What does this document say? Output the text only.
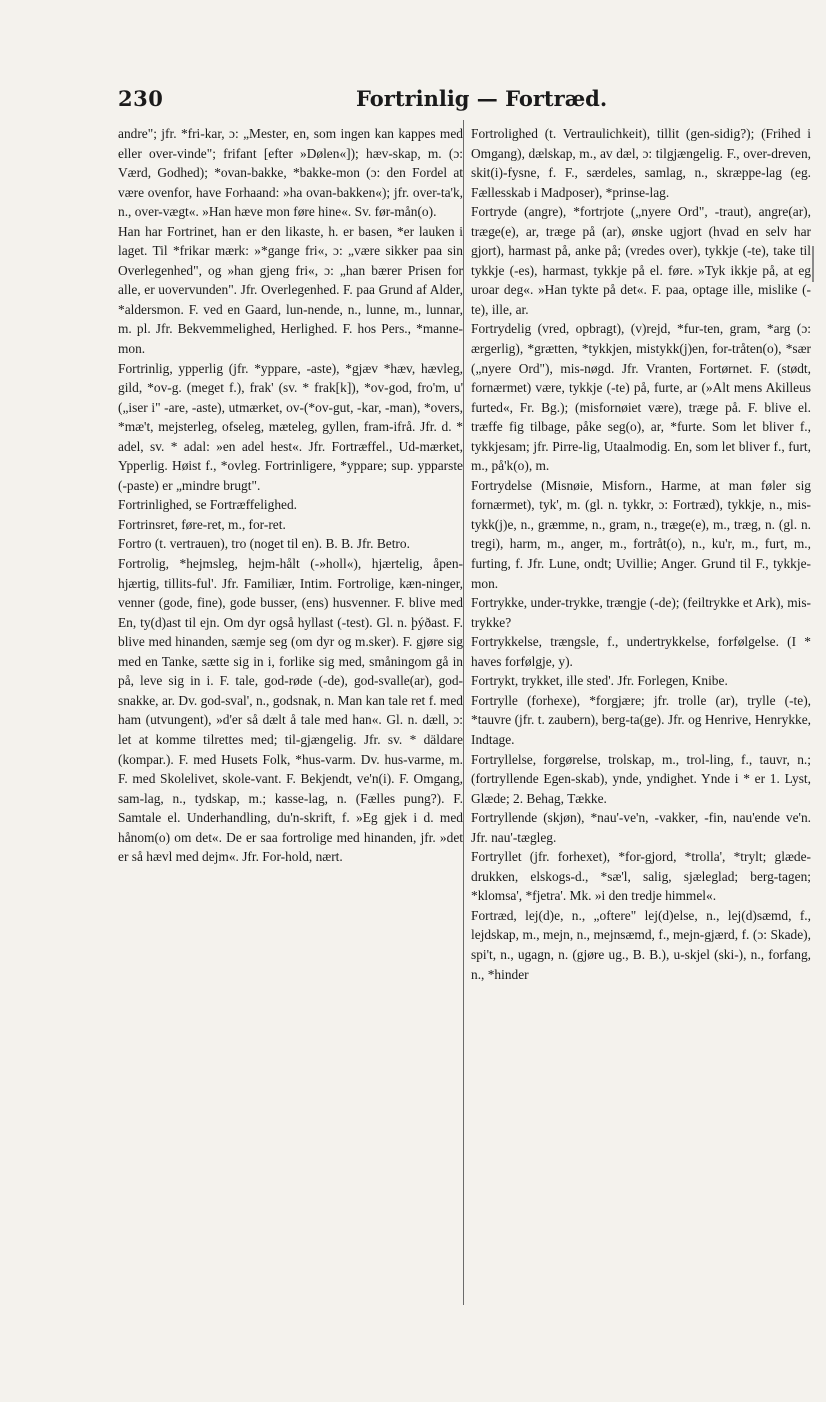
230	Fortrinlig — Fortræd.

andre"; jfr. *fri-kar, ɔ: „Mester, en, som ingen kan kappes med eller over-vinde"; frifant [efter »Dølen«]); hæv-skap, m. (ɔ: Værd, Godhed); *ovan-bakke, *bakke-mon (ɔ: den Fordel at være ovenfor, have Forhaand: »ha ovan-bakken«); jfr. over-ta'k, n., over-vægt«. »Han hæve mon føre hine«. Sv. før-mån(o).

Han har Fortrinet, han er den likaste, h. er basen, *er lauken i laget. Til *frikar mærk: »*gange fri«, ɔ: „være sikker paa sin Overlegenhed", og »han gjeng fri«, ɔ: „han bærer Prisen for alle, er uovervunden". Jfr. Overlegenhed. F. paa Grund af Alder, *aldersmon. F. ved en Gaard, lun-nende, n., lunne, m., lunnar, m. pl. Jfr. Bekvemmelighed, Herlighed. F. hos Pers., *manne-mon.

Fortrinlig, ypperlig (jfr. *yppare, -aste), *gjæv *hæv, hævleg, gild, *ov-g. (meget f.), frak' (sv. * frak[k]), *ov-god, fro'm, u' („iser i" -are, -aste), utmærket, ov-(*ov-gut, -kar, -man), *overs, *mæ't, mejsterleg, ofseleg, mæteleg, gyllen, fram-ifrå. Jfr. d. * adel, sv. * adal: »en adel hest«. Jfr. Fortræffel., Ud-mærket, Ypperlig. Høist f., *ovleg. Fortrinligere, *yppare; sup. ypparste (-paste) er „mindre brugt".

Fortrinlighed, se Fortræffelighed.

Fortrinsret, føre-ret, m., for-ret.

Fortro (t. vertrauen), tro (noget til en). B. B. Jfr. Betro.

Fortrolig, *hejmsleg, hejm-hålt (-»holl«), hjærtelig, åpen-hjærtig, tillits-ful'. Jfr. Familiær, Intim. Fortrolige, kæn-ninger, venner (gode, fine), gode busser, (ens) husvenner. F. blive med En, ty(d)ast til ejn. Om dyr også hyllast (-test). Gl. n. þýðast. F. blive med hinanden, sæmje seg (om dyr og m.sker). F. gjøre sig med en Tanke, sætte sig in i, forlike sig med, småningom gå in på, leve sig in i. F. tale, god-røde (-de), god-svalle(ar), god-snakke, ar. Dv. god-sval', n., godsnak, n. Man kan tale ret f. med ham (utvungent), »d'er så dælt å tale med han«. Gl. n. dæll, ɔ: let at komme tilrettes med; til-gjængelig. Jfr. sv. * däldare (kompar.). F. med Husets Folk, *hus-varm. Dv. hus-varme, m. F. med Skolelivet, skole-vant. F. Bekjendt, ve'n(i). F. Omgang, sam-lag, n., tydskap, m.; kasse-lag, n. (Fælles pung?). F. Samtale el. Underhandling, du'n-skrift, f. »Eg gjek i d. med hånom(o) om det«. De er saa fortrolige med hinanden, jfr. »det er så hævl med dejm«. Jfr. For-hold, nært.

Fortrolighed (t. Vertraulichkeit), tillit (gen-sidig?); (Frihed i Omgang), dælskap, m., av dæl, ɔ: tilgjængelig. F., over-dreven, skit(i)-fysne, f. F., særdeles, samlag, n., skræppe-lag (eg. Fællesskab i Madposer), *prinse-lag.

Fortryde (angre), *fortrjote („nyere Ord", -traut), angre(ar), træge(e), ar, træge på (ar), ønske ugjort (hvad en selv har gjort), harmast på, anke på; (vredes over), tykkje (-te), take til tykkje (-es), harmast, tykkje på el. føre. »Tyk ikkje på, at eg uroar deg«. »Han tykte på det«. F. paa, optage ille, mislike (-te), ille, ar.

Fortrydelig (vred, opbragt), (v)rejd, *fur-ten, gram, *arg (ɔ: ærgerlig), *grætten, *tykkjen, mistykk(j)en, for-tråten(o), *sær („nyere Ord"), mis-nøgd. Jfr. Vranten, Fortørnet. F. (stødt, fornærmet) være, tykkje (-te) på, furte, ar (»Alt mens Akilleus furted«, Fr. Bg.); (misfornøiet være), træge på. F. blive el. træffe fig tilbage, påke seg(o), ar, *furte. Som let bliver f., tykkjesam; jfr. Pirre-lig, Utaalmodig. En, som let bliver f., furt, m., på'k(o), m.

Fortrydelse (Misnøie, Misforn., Harme, at man føler sig fornærmet), tyk', m. (gl. n. tykkr, ɔ: Fortræd), tykkje, n., mis-tykk(j)e, n., græmme, n., gram, n., træge(e), m., træg, n. (gl. n. tregi), harm, m., anger, m., fortråt(o), n., ku'r, m., furt, m., furting, f. Jfr. Lune, ondt; Uvillie; Anger. Grund til F., tykkje-mon.

Fortrykke, under-trykke, trængje (-de); (feiltrykke et Ark), mis-trykke?

Fortrykkelse, trængsle, f., undertrykkelse, forfølgelse. (I * haves forfølgje, y).

Fortrykt, trykket, ille sted'. Jfr. Forlegen, Knibe.

Fortrylle (forhexe), *forgjære; jfr. trolle (ar), trylle (-te), *tauvre (jfr. t. zaubern), berg-ta(ge). Jfr. og Henrive, Henrykke, Indtage.

Fortryllelse, forgørelse, trolskap, m., trol-ling, f., tauvr, n.; (fortryllende Egen-skab), ynde, yndighet. Ynde i * er 1. Lyst, Glæde; 2. Behag, Tække.

Fortryllende (skjøn), *nau'-ve'n, -vakker, -fin, nau'ende ve'n. Jfr. nau'-tægleg.

Fortryllet (jfr. forhexet), *for-gjord, *trolla', *trylt; glæde-drukken, elskogs-d., *sæ'l, salig, sjæleglad; berg-tagen; *klomsa', *fjetra'. Mk. »i den tredje himmel«.

Fortræd, lej(d)e, n., „oftere" lej(d)else, n., lej(d)sæmd, f., lejdskap, m., mejn, n., mejnsæmd, f., mejn-gjærd, f. (ɔ: Skade), spi't, n., ugagn, n. (gjøre ug., B. B.), u-skjel (ski-), n., forfang, n., *hinder
